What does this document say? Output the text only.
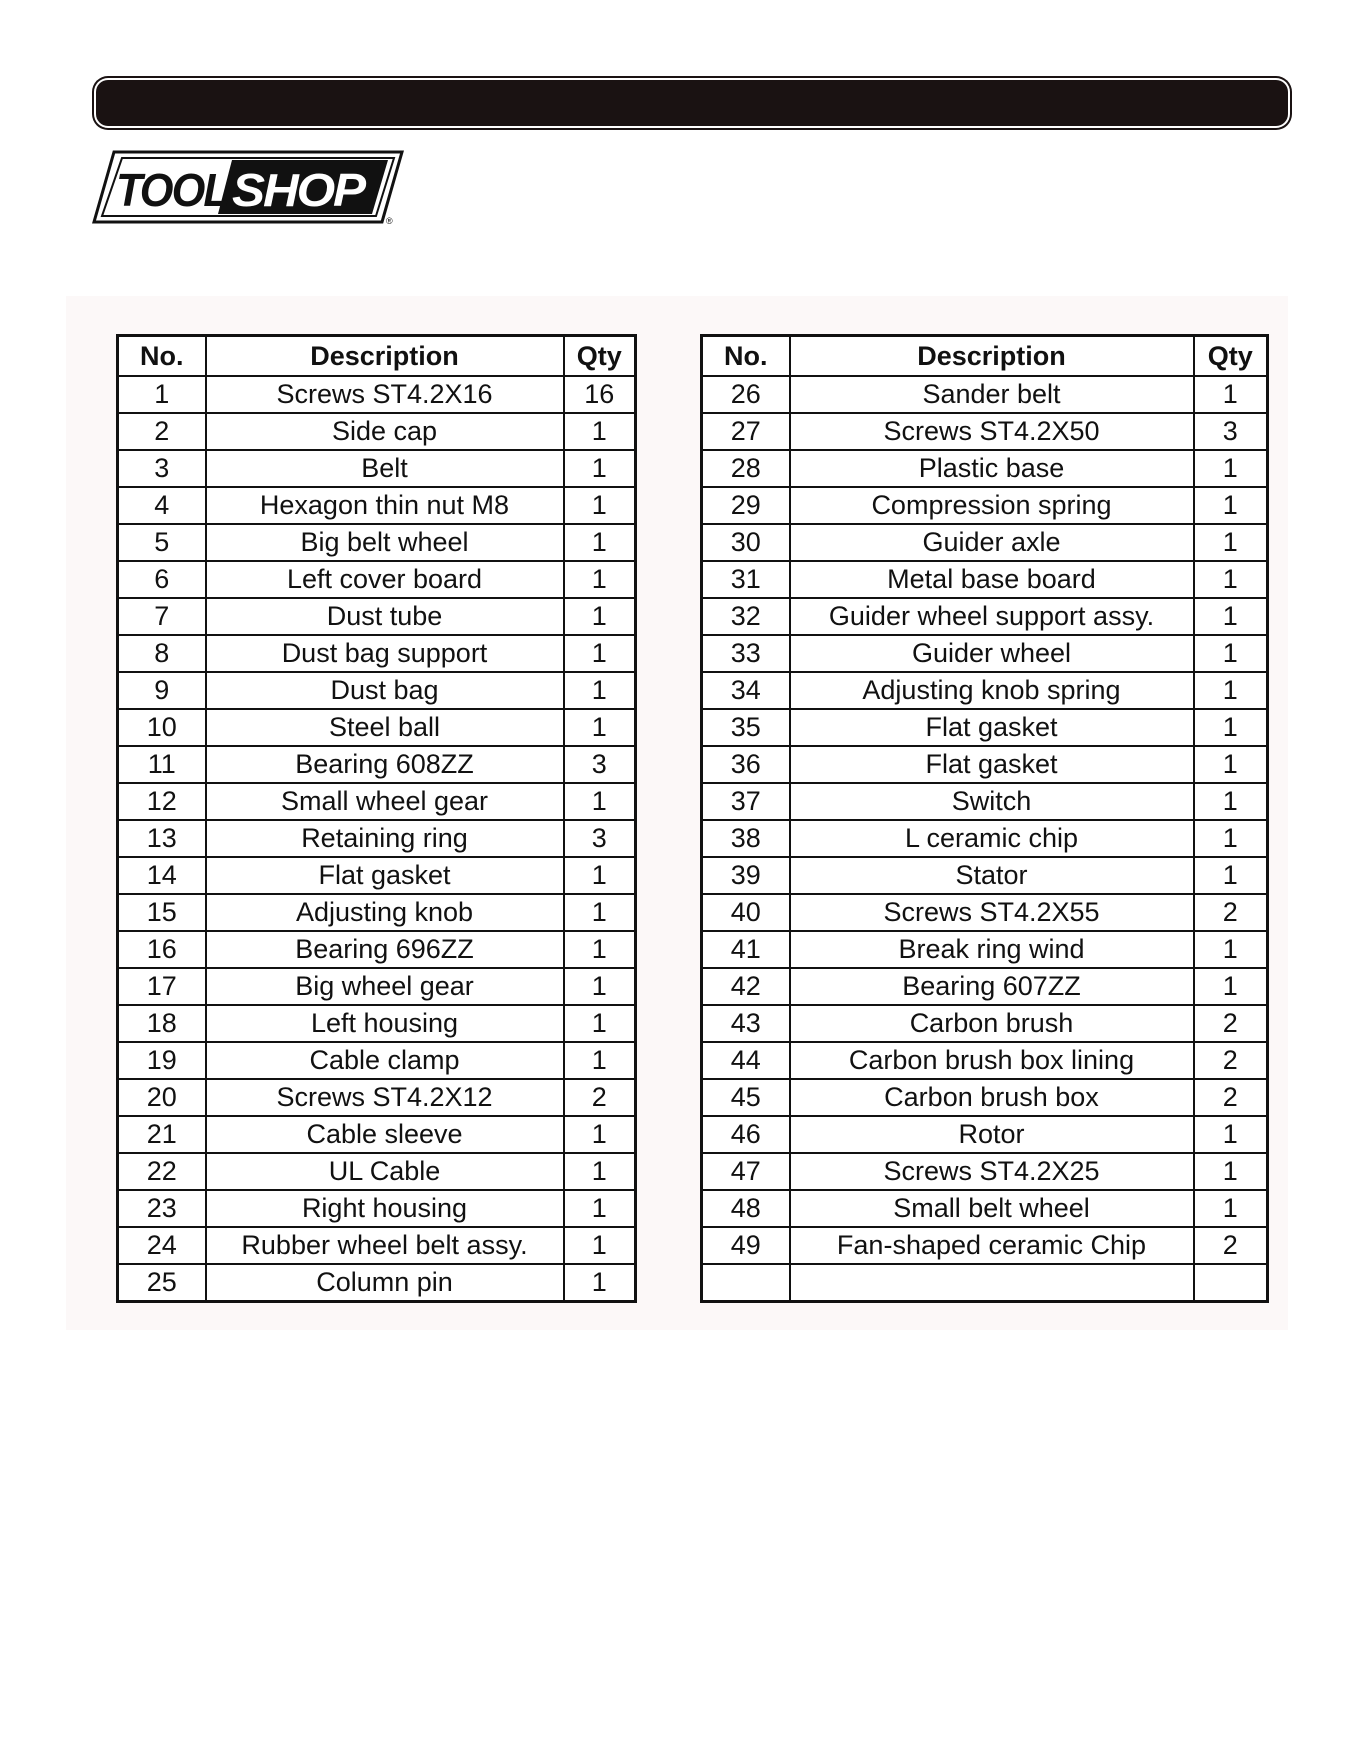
TOOL SHOP
®
No.	Description	Qty
1	Screws ST4.2X16	16
2	Side cap	1
3	Belt	1
4	Hexagon thin nut M8	1
5	Big belt wheel	1
6	Left cover board	1
7	Dust tube	1
8	Dust bag support	1
9	Dust bag	1
10	Steel ball	1
11	Bearing 608ZZ	3
12	Small wheel gear	1
13	Retaining ring	3
14	Flat gasket	1
15	Adjusting knob	1
16	Bearing 696ZZ	1
17	Big wheel gear	1
18	Left housing	1
19	Cable clamp	1
20	Screws ST4.2X12	2
21	Cable sleeve	1
22	UL Cable	1
23	Right housing	1
24	Rubber wheel belt assy.	1
25	Column pin	1
No.	Description	Qty
26	Sander belt	1
27	Screws ST4.2X50	3
28	Plastic base	1
29	Compression spring	1
30	Guider axle	1
31	Metal base board	1
32	Guider wheel support assy.	1
33	Guider wheel	1
34	Adjusting knob spring	1
35	Flat gasket	1
36	Flat gasket	1
37	Switch	1
38	L ceramic chip	1
39	Stator	1
40	Screws ST4.2X55	2
41	Break ring wind	1
42	Bearing 607ZZ	1
43	Carbon brush	2
44	Carbon brush box lining	2
45	Carbon brush box	2
46	Rotor	1
47	Screws ST4.2X25	1
48	Small belt wheel	1
49	Fan-shaped ceramic Chip	2
